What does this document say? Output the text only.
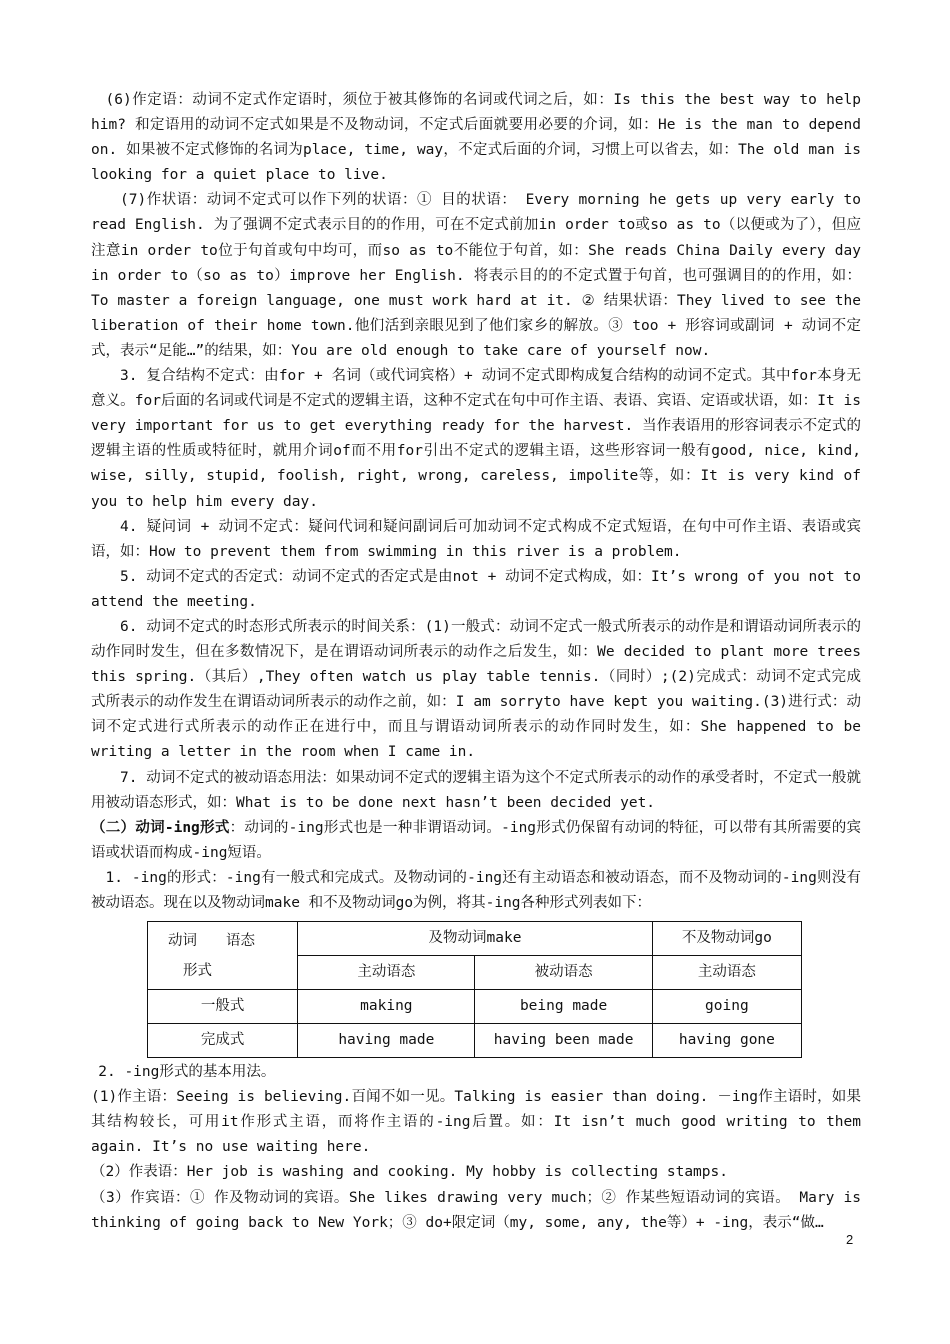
(6)作定语：动词不定式作定语时，须位于被其修饰的名词或代词之后，如：Is this the best way to help him? 和定语用的动词不定式如果是不及物动词，不定式后面就要用必要的介词，如：He is the man to depend on. 如果被不定式修饰的名词为place, time, way，不定式后面的介词，习惯上可以省去，如：The old man is looking for a quiet place to live.

(7)作状语：动词不定式可以作下列的状语：① 目的状语： Every morning he gets up very early to read English. 为了强调不定式表示目的的作用，可在不定式前加in order to或so as to（以便或为了），但应注意in order to位于句首或句中均可，而so as to不能位于句首，如：She reads China Daily every day in order to（so as to）improve her English. 将表示目的的不定式置于句首，也可强调目的的作用，如：To master a foreign language, one must work hard at it. ② 结果状语：They lived to see the liberation of their home town.他们活到亲眼见到了他们家乡的解放。③ too + 形容词或副词 + 动词不定式，表示“足能…”的结果，如：You are old enough to take care of yourself now.

3. 复合结构不定式：由for + 名词（或代词宾格）+ 动词不定式即构成复合结构的动词不定式。其中for本身无意义。for后面的名词或代词是不定式的逻辑主语，这种不定式在句中可作主语、表语、宾语、定语或状语，如：It is very important for us to get everything ready for the harvest. 当作表语用的形容词表示不定式的逻辑主语的性质或特征时，就用介词of而不用for引出不定式的逻辑主语，这些形容词一般有good, nice, kind, wise, silly, stupid, foolish, right, wrong, careless, impolite等，如：It is very kind of you to help him every day.

4. 疑问词 + 动词不定式：疑问代词和疑问副词后可加动词不定式构成不定式短语，在句中可作主语、表语或宾语，如：How to prevent them from swimming in this river is a problem.

5. 动词不定式的否定式：动词不定式的否定式是由not + 动词不定式构成，如：It’s wrong of you not to attend the meeting.

6. 动词不定式的时态形式所表示的时间关系：(1)一般式：动词不定式一般式所表示的动作是和谓语动词所表示的动作同时发生，但在多数情况下，是在谓语动词所表示的动作之后发生，如：We decided to plant more trees this spring.（其后）,They often watch us play table tennis.（同时）;(2)完成式：动词不定式完成式所表示的动作发生在谓语动词所表示的动作之前，如：I am sorryto have kept you waiting.(3)进行式：动词不定式进行式所表示的动作正在进行中，而且与谓语动词所表示的动作同时发生，如：She happened to be writing a letter in the room when I came in.

7. 动词不定式的被动语态用法：如果动词不定式的逻辑主语为这个不定式所表示的动作的承受者时，不定式一般就用被动语态形式，如：What is to be done next hasn’t been decided yet.

（二）动词-ing形式：动词的-ing形式也是一种非谓语动词。-ing形式仍保留有动词的特征，可以带有其所需要的宾语或状语而构成-ing短语。

1. -ing的形式：-ing有一般式和完成式。及物动词的-ing还有主动语态和被动语态，而不及物动词的-ing则没有被动语态。现在以及物动词make 和不及物动词go为例，将其-ing各种形式列表如下：

动词　　语态
形式	及物动词make		不及物动词go
	主动语态	被动语态	主动语态
一般式	making	being made	going
完成式	having made	having been made	having gone

2. -ing形式的基本用法。

(1)作主语：Seeing is believing.百闻不如一见。Talking is easier than doing. －ing作主语时，如果其结构较长，可用it作形式主语，而将作主语的-ing后置。如：It isn’t much good writing to them again. It’s no use waiting here.

（2）作表语：Her job is washing and cooking. My hobby is collecting stamps.

（3）作宾语：① 作及物动词的宾语。She likes drawing very much；② 作某些短语动词的宾语。 Mary is thinking of going back to New York；③ do+限定词（my, some, any, the等）+ -ing，表示“做…

2
